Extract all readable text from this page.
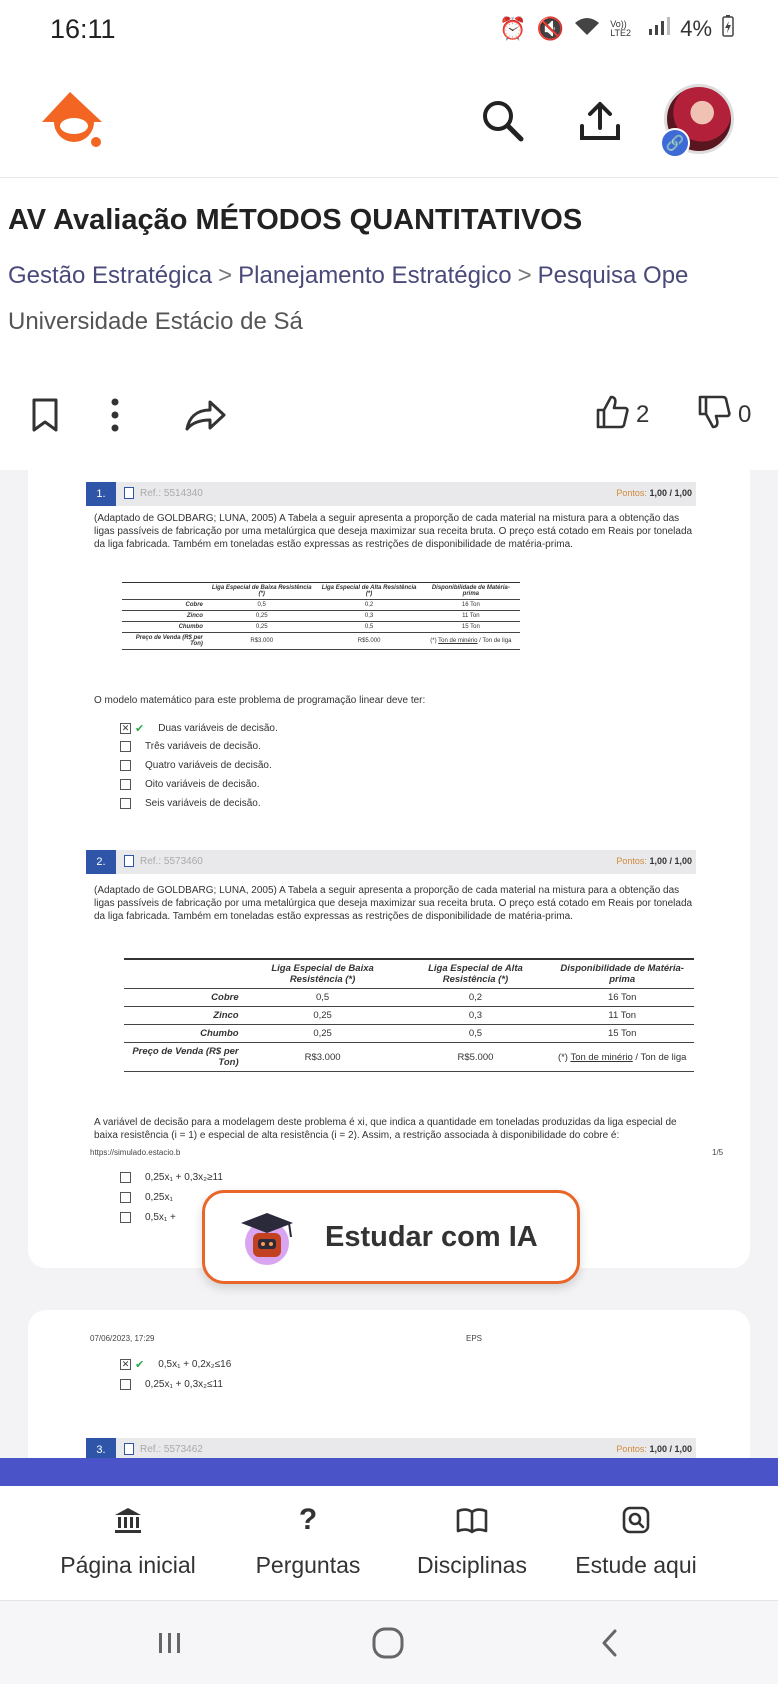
16:11	⏰ 🔇	Vo)) LTE2	4%
🔗
AV Avaliação MÉTODOS QUANTITATIVOS
Gestão Estratégica > Planejamento Estratégico > Pesquisa Ope
Universidade Estácio de Sá
2	0
1.	Ref.: 5514340	Pontos: 1,00 / 1,00
(Adaptado de GOLDBARG; LUNA, 2005) A Tabela a seguir apresenta a proporção de cada material na mistura para a obtenção das ligas passíveis de fabricação por uma metalúrgica que deseja maximizar sua receita bruta. O preço está cotado em Reais por tonelada da liga fabricada. Também em toneladas estão expressas as restrições de disponibilidade de matéria-prima.
	Liga Especial de Baixa Resistência (*)	Liga Especial de Alta Resistência (*)	Disponibilidade de Matéria-prima
Cobre	0,5	0,2	16 Ton
Zinco	0,25	0,3	11 Ton
Chumbo	0,25	0,5	15 Ton
Preço de Venda (R$ per Ton)	R$3.000	R$5.000	(*) Ton de minério / Ton de liga
O modelo matemático para este problema de programação linear deve ter:
✕ ✔ Duas variáveis de decisão.
Três variáveis de decisão.
Quatro variáveis de decisão.
Oito variáveis de decisão.
Seis variáveis de decisão.
2.	Ref.: 5573460	Pontos: 1,00 / 1,00
(Adaptado de GOLDBARG; LUNA, 2005) A Tabela a seguir apresenta a proporção de cada material na mistura para a obtenção das ligas passíveis de fabricação por uma metalúrgica que deseja maximizar sua receita bruta. O preço está cotado em Reais por tonelada da liga fabricada. Também em toneladas estão expressas as restrições de disponibilidade de matéria-prima.
	Liga Especial de Baixa Resistência (*)	Liga Especial de Alta Resistência (*)	Disponibilidade de Matéria-prima
Cobre	0,5	0,2	16 Ton
Zinco	0,25	0,3	11 Ton
Chumbo	0,25	0,5	15 Ton
Preço de Venda (R$ per Ton)	R$3.000	R$5.000	(*) Ton de minério / Ton de liga
A variável de decisão para a modelagem deste problema é xi, que indica a quantidade em toneladas produzidas da liga especial de baixa resistência (i = 1) e especial de alta resistência (i = 2). Assim, a restrição associada à disponibilidade do cobre é:
0,25x₁ + 0,3x₂≥11
0,25x₁
0,5x₁ +
https://simulado.estacio.b	1/5
07/06/2023, 17:29	EPS
✕ ✔ 0,5x₁ + 0,2x₂≤16
0,25x₁ + 0,3x₂≤11
3.	Ref.: 5573462	Pontos: 1,00 / 1,00
Estudar com IA
Página inicial
?
Perguntas	Disciplinas	Estude aqui
